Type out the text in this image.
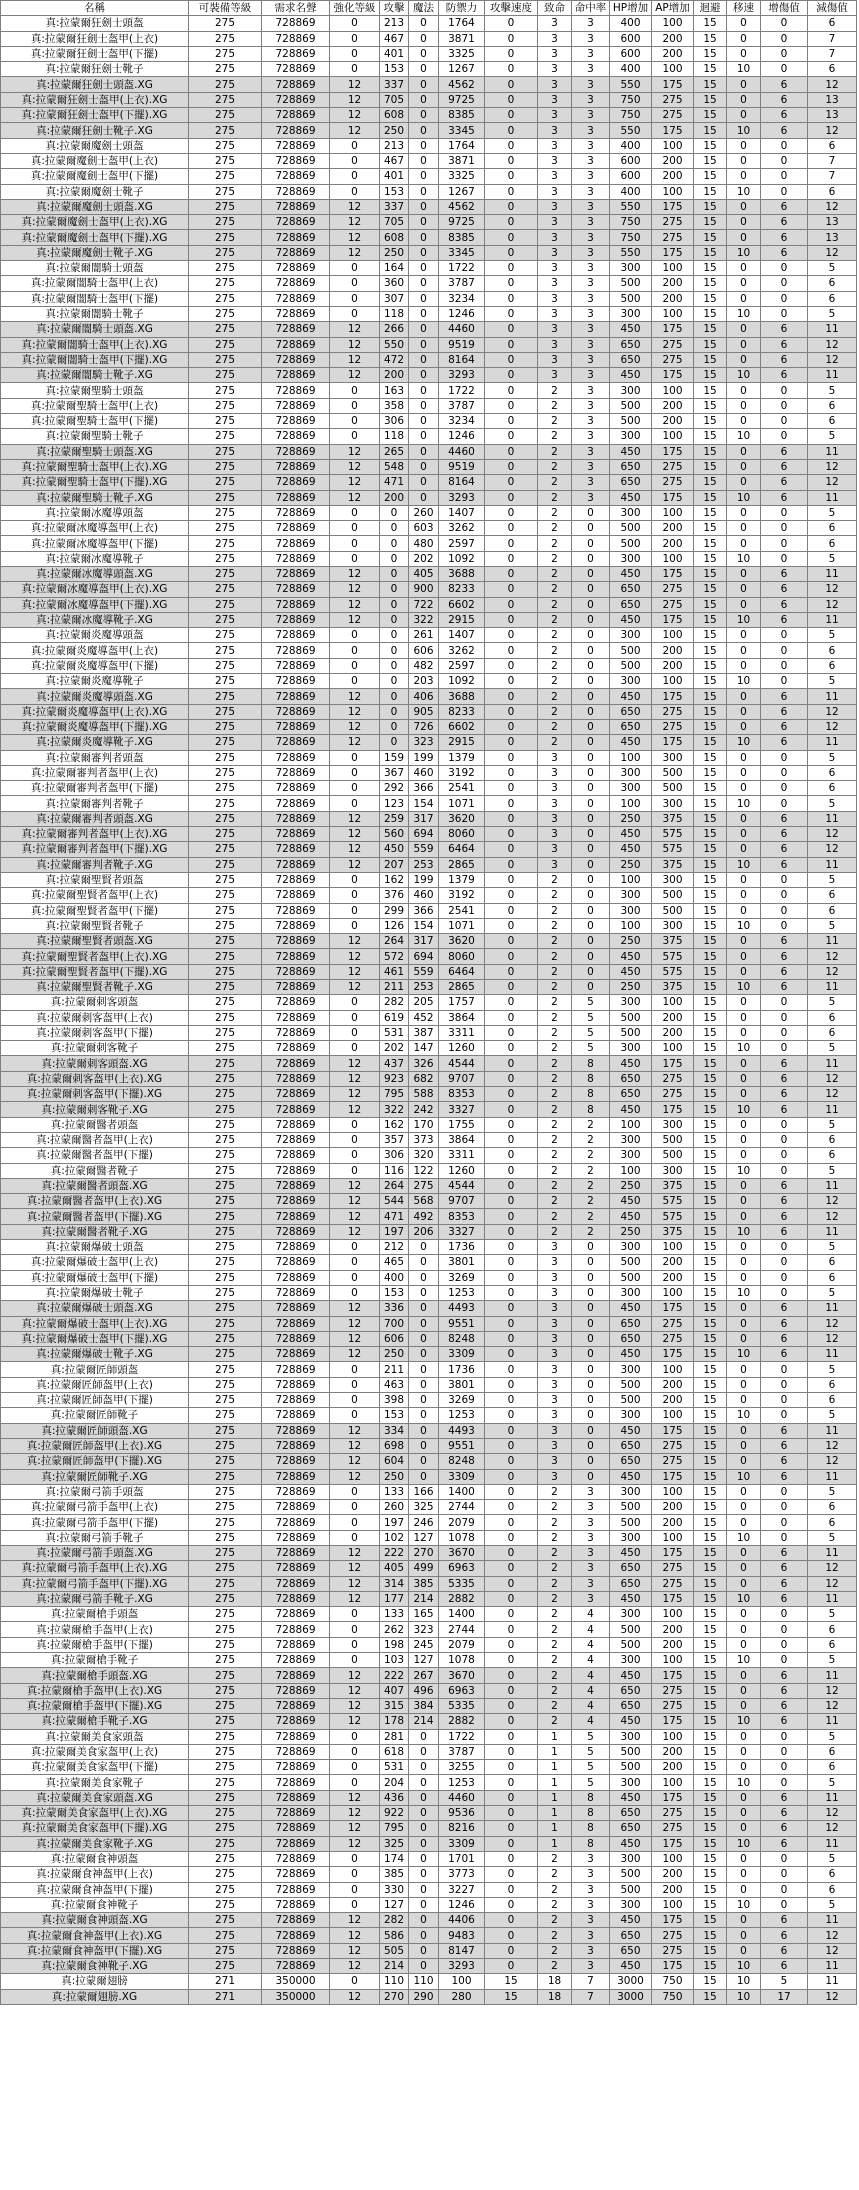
名稱	可裝備等級	需求名聲	強化等級	攻擊	魔法	防禦力	攻擊速度	致命	命中率	HP增加	AP增加	迴避	移速	增傷值	減傷值
真:拉蒙爾狂劍士頭盔	275	728869	0	213	0	1764	0	3	3	400	100	15	0	0	6
真:拉蒙爾狂劍士盔甲(上衣)	275	728869	0	467	0	3871	0	3	3	600	200	15	0	0	7
真:拉蒙爾狂劍士盔甲(下擺)	275	728869	0	401	0	3325	0	3	3	600	200	15	0	0	7
真:拉蒙爾狂劍士靴子	275	728869	0	153	0	1267	0	3	3	400	100	15	10	0	6
真:拉蒙爾狂劍士頭盔.XG	275	728869	12	337	0	4562	0	3	3	550	175	15	0	6	12
真:拉蒙爾狂劍士盔甲(上衣).XG	275	728869	12	705	0	9725	0	3	3	750	275	15	0	6	13
真:拉蒙爾狂劍士盔甲(下擺).XG	275	728869	12	608	0	8385	0	3	3	750	275	15	0	6	13
真:拉蒙爾狂劍士靴子.XG	275	728869	12	250	0	3345	0	3	3	550	175	15	10	6	12
真:拉蒙爾魔劍士頭盔	275	728869	0	213	0	1764	0	3	3	400	100	15	0	0	6
真:拉蒙爾魔劍士盔甲(上衣)	275	728869	0	467	0	3871	0	3	3	600	200	15	0	0	7
真:拉蒙爾魔劍士盔甲(下擺)	275	728869	0	401	0	3325	0	3	3	600	200	15	0	0	7
真:拉蒙爾魔劍士靴子	275	728869	0	153	0	1267	0	3	3	400	100	15	10	0	6
真:拉蒙爾魔劍士頭盔.XG	275	728869	12	337	0	4562	0	3	3	550	175	15	0	6	12
真:拉蒙爾魔劍士盔甲(上衣).XG	275	728869	12	705	0	9725	0	3	3	750	275	15	0	6	13
真:拉蒙爾魔劍士盔甲(下擺).XG	275	728869	12	608	0	8385	0	3	3	750	275	15	0	6	13
真:拉蒙爾魔劍士靴子.XG	275	728869	12	250	0	3345	0	3	3	550	175	15	10	6	12
真:拉蒙爾闇騎士頭盔	275	728869	0	164	0	1722	0	3	3	300	100	15	0	0	5
真:拉蒙爾闇騎士盔甲(上衣)	275	728869	0	360	0	3787	0	3	3	500	200	15	0	0	6
真:拉蒙爾闇騎士盔甲(下擺)	275	728869	0	307	0	3234	0	3	3	500	200	15	0	0	6
真:拉蒙爾闇騎士靴子	275	728869	0	118	0	1246	0	3	3	300	100	15	10	0	5
真:拉蒙爾闇騎士頭盔.XG	275	728869	12	266	0	4460	0	3	3	450	175	15	0	6	11
真:拉蒙爾闇騎士盔甲(上衣).XG	275	728869	12	550	0	9519	0	3	3	650	275	15	0	6	12
真:拉蒙爾闇騎士盔甲(下擺).XG	275	728869	12	472	0	8164	0	3	3	650	275	15	0	6	12
真:拉蒙爾闇騎士靴子.XG	275	728869	12	200	0	3293	0	3	3	450	175	15	10	6	11
真:拉蒙爾聖騎士頭盔	275	728869	0	163	0	1722	0	2	3	300	100	15	0	0	5
真:拉蒙爾聖騎士盔甲(上衣)	275	728869	0	358	0	3787	0	2	3	500	200	15	0	0	6
真:拉蒙爾聖騎士盔甲(下擺)	275	728869	0	306	0	3234	0	2	3	500	200	15	0	0	6
真:拉蒙爾聖騎士靴子	275	728869	0	118	0	1246	0	2	3	300	100	15	10	0	5
真:拉蒙爾聖騎士頭盔.XG	275	728869	12	265	0	4460	0	2	3	450	175	15	0	6	11
真:拉蒙爾聖騎士盔甲(上衣).XG	275	728869	12	548	0	9519	0	2	3	650	275	15	0	6	12
真:拉蒙爾聖騎士盔甲(下擺).XG	275	728869	12	471	0	8164	0	2	3	650	275	15	0	6	12
真:拉蒙爾聖騎士靴子.XG	275	728869	12	200	0	3293	0	2	3	450	175	15	10	6	11
真:拉蒙爾冰魔導頭盔	275	728869	0	0	260	1407	0	2	0	300	100	15	0	0	5
真:拉蒙爾冰魔導盔甲(上衣)	275	728869	0	0	603	3262	0	2	0	500	200	15	0	0	6
真:拉蒙爾冰魔導盔甲(下擺)	275	728869	0	0	480	2597	0	2	0	500	200	15	0	0	6
真:拉蒙爾冰魔導靴子	275	728869	0	0	202	1092	0	2	0	300	100	15	10	0	5
真:拉蒙爾冰魔導頭盔.XG	275	728869	12	0	405	3688	0	2	0	450	175	15	0	6	11
真:拉蒙爾冰魔導盔甲(上衣).XG	275	728869	12	0	900	8233	0	2	0	650	275	15	0	6	12
真:拉蒙爾冰魔導盔甲(下擺).XG	275	728869	12	0	722	6602	0	2	0	650	275	15	0	6	12
真:拉蒙爾冰魔導靴子.XG	275	728869	12	0	322	2915	0	2	0	450	175	15	10	6	11
真:拉蒙爾炎魔導頭盔	275	728869	0	0	261	1407	0	2	0	300	100	15	0	0	5
真:拉蒙爾炎魔導盔甲(上衣)	275	728869	0	0	606	3262	0	2	0	500	200	15	0	0	6
真:拉蒙爾炎魔導盔甲(下擺)	275	728869	0	0	482	2597	0	2	0	500	200	15	0	0	6
真:拉蒙爾炎魔導靴子	275	728869	0	0	203	1092	0	2	0	300	100	15	10	0	5
真:拉蒙爾炎魔導頭盔.XG	275	728869	12	0	406	3688	0	2	0	450	175	15	0	6	11
真:拉蒙爾炎魔導盔甲(上衣).XG	275	728869	12	0	905	8233	0	2	0	650	275	15	0	6	12
真:拉蒙爾炎魔導盔甲(下擺).XG	275	728869	12	0	726	6602	0	2	0	650	275	15	0	6	12
真:拉蒙爾炎魔導靴子.XG	275	728869	12	0	323	2915	0	2	0	450	175	15	10	6	11
真:拉蒙爾審判者頭盔	275	728869	0	159	199	1379	0	3	0	100	300	15	0	0	5
真:拉蒙爾審判者盔甲(上衣)	275	728869	0	367	460	3192	0	3	0	300	500	15	0	0	6
真:拉蒙爾審判者盔甲(下擺)	275	728869	0	292	366	2541	0	3	0	300	500	15	0	0	6
真:拉蒙爾審判者靴子	275	728869	0	123	154	1071	0	3	0	100	300	15	10	0	5
真:拉蒙爾審判者頭盔.XG	275	728869	12	259	317	3620	0	3	0	250	375	15	0	6	11
真:拉蒙爾審判者盔甲(上衣).XG	275	728869	12	560	694	8060	0	3	0	450	575	15	0	6	12
真:拉蒙爾審判者盔甲(下擺).XG	275	728869	12	450	559	6464	0	3	0	450	575	15	0	6	12
真:拉蒙爾審判者靴子.XG	275	728869	12	207	253	2865	0	3	0	250	375	15	10	6	11
真:拉蒙爾聖賢者頭盔	275	728869	0	162	199	1379	0	2	0	100	300	15	0	0	5
真:拉蒙爾聖賢者盔甲(上衣)	275	728869	0	376	460	3192	0	2	0	300	500	15	0	0	6
真:拉蒙爾聖賢者盔甲(下擺)	275	728869	0	299	366	2541	0	2	0	300	500	15	0	0	6
真:拉蒙爾聖賢者靴子	275	728869	0	126	154	1071	0	2	0	100	300	15	10	0	5
真:拉蒙爾聖賢者頭盔.XG	275	728869	12	264	317	3620	0	2	0	250	375	15	0	6	11
真:拉蒙爾聖賢者盔甲(上衣).XG	275	728869	12	572	694	8060	0	2	0	450	575	15	0	6	12
真:拉蒙爾聖賢者盔甲(下擺).XG	275	728869	12	461	559	6464	0	2	0	450	575	15	0	6	12
真:拉蒙爾聖賢者靴子.XG	275	728869	12	211	253	2865	0	2	0	250	375	15	10	6	11
真:拉蒙爾刺客頭盔	275	728869	0	282	205	1757	0	2	5	300	100	15	0	0	5
真:拉蒙爾刺客盔甲(上衣)	275	728869	0	619	452	3864	0	2	5	500	200	15	0	0	6
真:拉蒙爾刺客盔甲(下擺)	275	728869	0	531	387	3311	0	2	5	500	200	15	0	0	6
真:拉蒙爾刺客靴子	275	728869	0	202	147	1260	0	2	5	300	100	15	10	0	5
真:拉蒙爾刺客頭盔.XG	275	728869	12	437	326	4544	0	2	8	450	175	15	0	6	11
真:拉蒙爾刺客盔甲(上衣).XG	275	728869	12	923	682	9707	0	2	8	650	275	15	0	6	12
真:拉蒙爾刺客盔甲(下擺).XG	275	728869	12	795	588	8353	0	2	8	650	275	15	0	6	12
真:拉蒙爾刺客靴子.XG	275	728869	12	322	242	3327	0	2	8	450	175	15	10	6	11
真:拉蒙爾醫者頭盔	275	728869	0	162	170	1755	0	2	2	100	300	15	0	0	5
真:拉蒙爾醫者盔甲(上衣)	275	728869	0	357	373	3864	0	2	2	300	500	15	0	0	6
真:拉蒙爾醫者盔甲(下擺)	275	728869	0	306	320	3311	0	2	2	300	500	15	0	0	6
真:拉蒙爾醫者靴子	275	728869	0	116	122	1260	0	2	2	100	300	15	10	0	5
真:拉蒙爾醫者頭盔.XG	275	728869	12	264	275	4544	0	2	2	250	375	15	0	6	11
真:拉蒙爾醫者盔甲(上衣).XG	275	728869	12	544	568	9707	0	2	2	450	575	15	0	6	12
真:拉蒙爾醫者盔甲(下擺).XG	275	728869	12	471	492	8353	0	2	2	450	575	15	0	6	12
真:拉蒙爾醫者靴子.XG	275	728869	12	197	206	3327	0	2	2	250	375	15	10	6	11
真:拉蒙爾爆破士頭盔	275	728869	0	212	0	1736	0	3	0	300	100	15	0	0	5
真:拉蒙爾爆破士盔甲(上衣)	275	728869	0	465	0	3801	0	3	0	500	200	15	0	0	6
真:拉蒙爾爆破士盔甲(下擺)	275	728869	0	400	0	3269	0	3	0	500	200	15	0	0	6
真:拉蒙爾爆破士靴子	275	728869	0	153	0	1253	0	3	0	300	100	15	10	0	5
真:拉蒙爾爆破士頭盔.XG	275	728869	12	336	0	4493	0	3	0	450	175	15	0	6	11
真:拉蒙爾爆破士盔甲(上衣).XG	275	728869	12	700	0	9551	0	3	0	650	275	15	0	6	12
真:拉蒙爾爆破士盔甲(下擺).XG	275	728869	12	606	0	8248	0	3	0	650	275	15	0	6	12
真:拉蒙爾爆破士靴子.XG	275	728869	12	250	0	3309	0	3	0	450	175	15	10	6	11
真:拉蒙爾匠師頭盔	275	728869	0	211	0	1736	0	3	0	300	100	15	0	0	5
真:拉蒙爾匠師盔甲(上衣)	275	728869	0	463	0	3801	0	3	0	500	200	15	0	0	6
真:拉蒙爾匠師盔甲(下擺)	275	728869	0	398	0	3269	0	3	0	500	200	15	0	0	6
真:拉蒙爾匠師靴子	275	728869	0	153	0	1253	0	3	0	300	100	15	10	0	5
真:拉蒙爾匠師頭盔.XG	275	728869	12	334	0	4493	0	3	0	450	175	15	0	6	11
真:拉蒙爾匠師盔甲(上衣).XG	275	728869	12	698	0	9551	0	3	0	650	275	15	0	6	12
真:拉蒙爾匠師盔甲(下擺).XG	275	728869	12	604	0	8248	0	3	0	650	275	15	0	6	12
真:拉蒙爾匠師靴子.XG	275	728869	12	250	0	3309	0	3	0	450	175	15	10	6	11
真:拉蒙爾弓箭手頭盔	275	728869	0	133	166	1400	0	2	3	300	100	15	0	0	5
真:拉蒙爾弓箭手盔甲(上衣)	275	728869	0	260	325	2744	0	2	3	500	200	15	0	0	6
真:拉蒙爾弓箭手盔甲(下擺)	275	728869	0	197	246	2079	0	2	3	500	200	15	0	0	6
真:拉蒙爾弓箭手靴子	275	728869	0	102	127	1078	0	2	3	300	100	15	10	0	5
真:拉蒙爾弓箭手頭盔.XG	275	728869	12	222	270	3670	0	2	3	450	175	15	0	6	11
真:拉蒙爾弓箭手盔甲(上衣).XG	275	728869	12	405	499	6963	0	2	3	650	275	15	0	6	12
真:拉蒙爾弓箭手盔甲(下擺).XG	275	728869	12	314	385	5335	0	2	3	650	275	15	0	6	12
真:拉蒙爾弓箭手靴子.XG	275	728869	12	177	214	2882	0	2	3	450	175	15	10	6	11
真:拉蒙爾槍手頭盔	275	728869	0	133	165	1400	0	2	4	300	100	15	0	0	5
真:拉蒙爾槍手盔甲(上衣)	275	728869	0	262	323	2744	0	2	4	500	200	15	0	0	6
真:拉蒙爾槍手盔甲(下擺)	275	728869	0	198	245	2079	0	2	4	500	200	15	0	0	6
真:拉蒙爾槍手靴子	275	728869	0	103	127	1078	0	2	4	300	100	15	10	0	5
真:拉蒙爾槍手頭盔.XG	275	728869	12	222	267	3670	0	2	4	450	175	15	0	6	11
真:拉蒙爾槍手盔甲(上衣).XG	275	728869	12	407	496	6963	0	2	4	650	275	15	0	6	12
真:拉蒙爾槍手盔甲(下擺).XG	275	728869	12	315	384	5335	0	2	4	650	275	15	0	6	12
真:拉蒙爾槍手靴子.XG	275	728869	12	178	214	2882	0	2	4	450	175	15	10	6	11
真:拉蒙爾美食家頭盔	275	728869	0	281	0	1722	0	1	5	300	100	15	0	0	5
真:拉蒙爾美食家盔甲(上衣)	275	728869	0	618	0	3787	0	1	5	500	200	15	0	0	6
真:拉蒙爾美食家盔甲(下擺)	275	728869	0	531	0	3255	0	1	5	500	200	15	0	0	6
真:拉蒙爾美食家靴子	275	728869	0	204	0	1253	0	1	5	300	100	15	10	0	5
真:拉蒙爾美食家頭盔.XG	275	728869	12	436	0	4460	0	1	8	450	175	15	0	6	11
真:拉蒙爾美食家盔甲(上衣).XG	275	728869	12	922	0	9536	0	1	8	650	275	15	0	6	12
真:拉蒙爾美食家盔甲(下擺).XG	275	728869	12	795	0	8216	0	1	8	650	275	15	0	6	12
真:拉蒙爾美食家靴子.XG	275	728869	12	325	0	3309	0	1	8	450	175	15	10	6	11
真:拉蒙爾食神頭盔	275	728869	0	174	0	1701	0	2	3	300	100	15	0	0	5
真:拉蒙爾食神盔甲(上衣)	275	728869	0	385	0	3773	0	2	3	500	200	15	0	0	6
真:拉蒙爾食神盔甲(下擺)	275	728869	0	330	0	3227	0	2	3	500	200	15	0	0	6
真:拉蒙爾食神靴子	275	728869	0	127	0	1246	0	2	3	300	100	15	10	0	5
真:拉蒙爾食神頭盔.XG	275	728869	12	282	0	4406	0	2	3	450	175	15	0	6	11
真:拉蒙爾食神盔甲(上衣).XG	275	728869	12	586	0	9483	0	2	3	650	275	15	0	6	12
真:拉蒙爾食神盔甲(下擺).XG	275	728869	12	505	0	8147	0	2	3	650	275	15	0	6	12
真:拉蒙爾食神靴子.XG	275	728869	12	214	0	3293	0	2	3	450	175	15	10	6	11
真:拉蒙爾翅膀	271	350000	0	110	110	100	15	18	7	3000	750	15	10	5	11
真:拉蒙爾翅膀.XG	271	350000	12	270	290	280	15	18	7	3000	750	15	10	17	12
